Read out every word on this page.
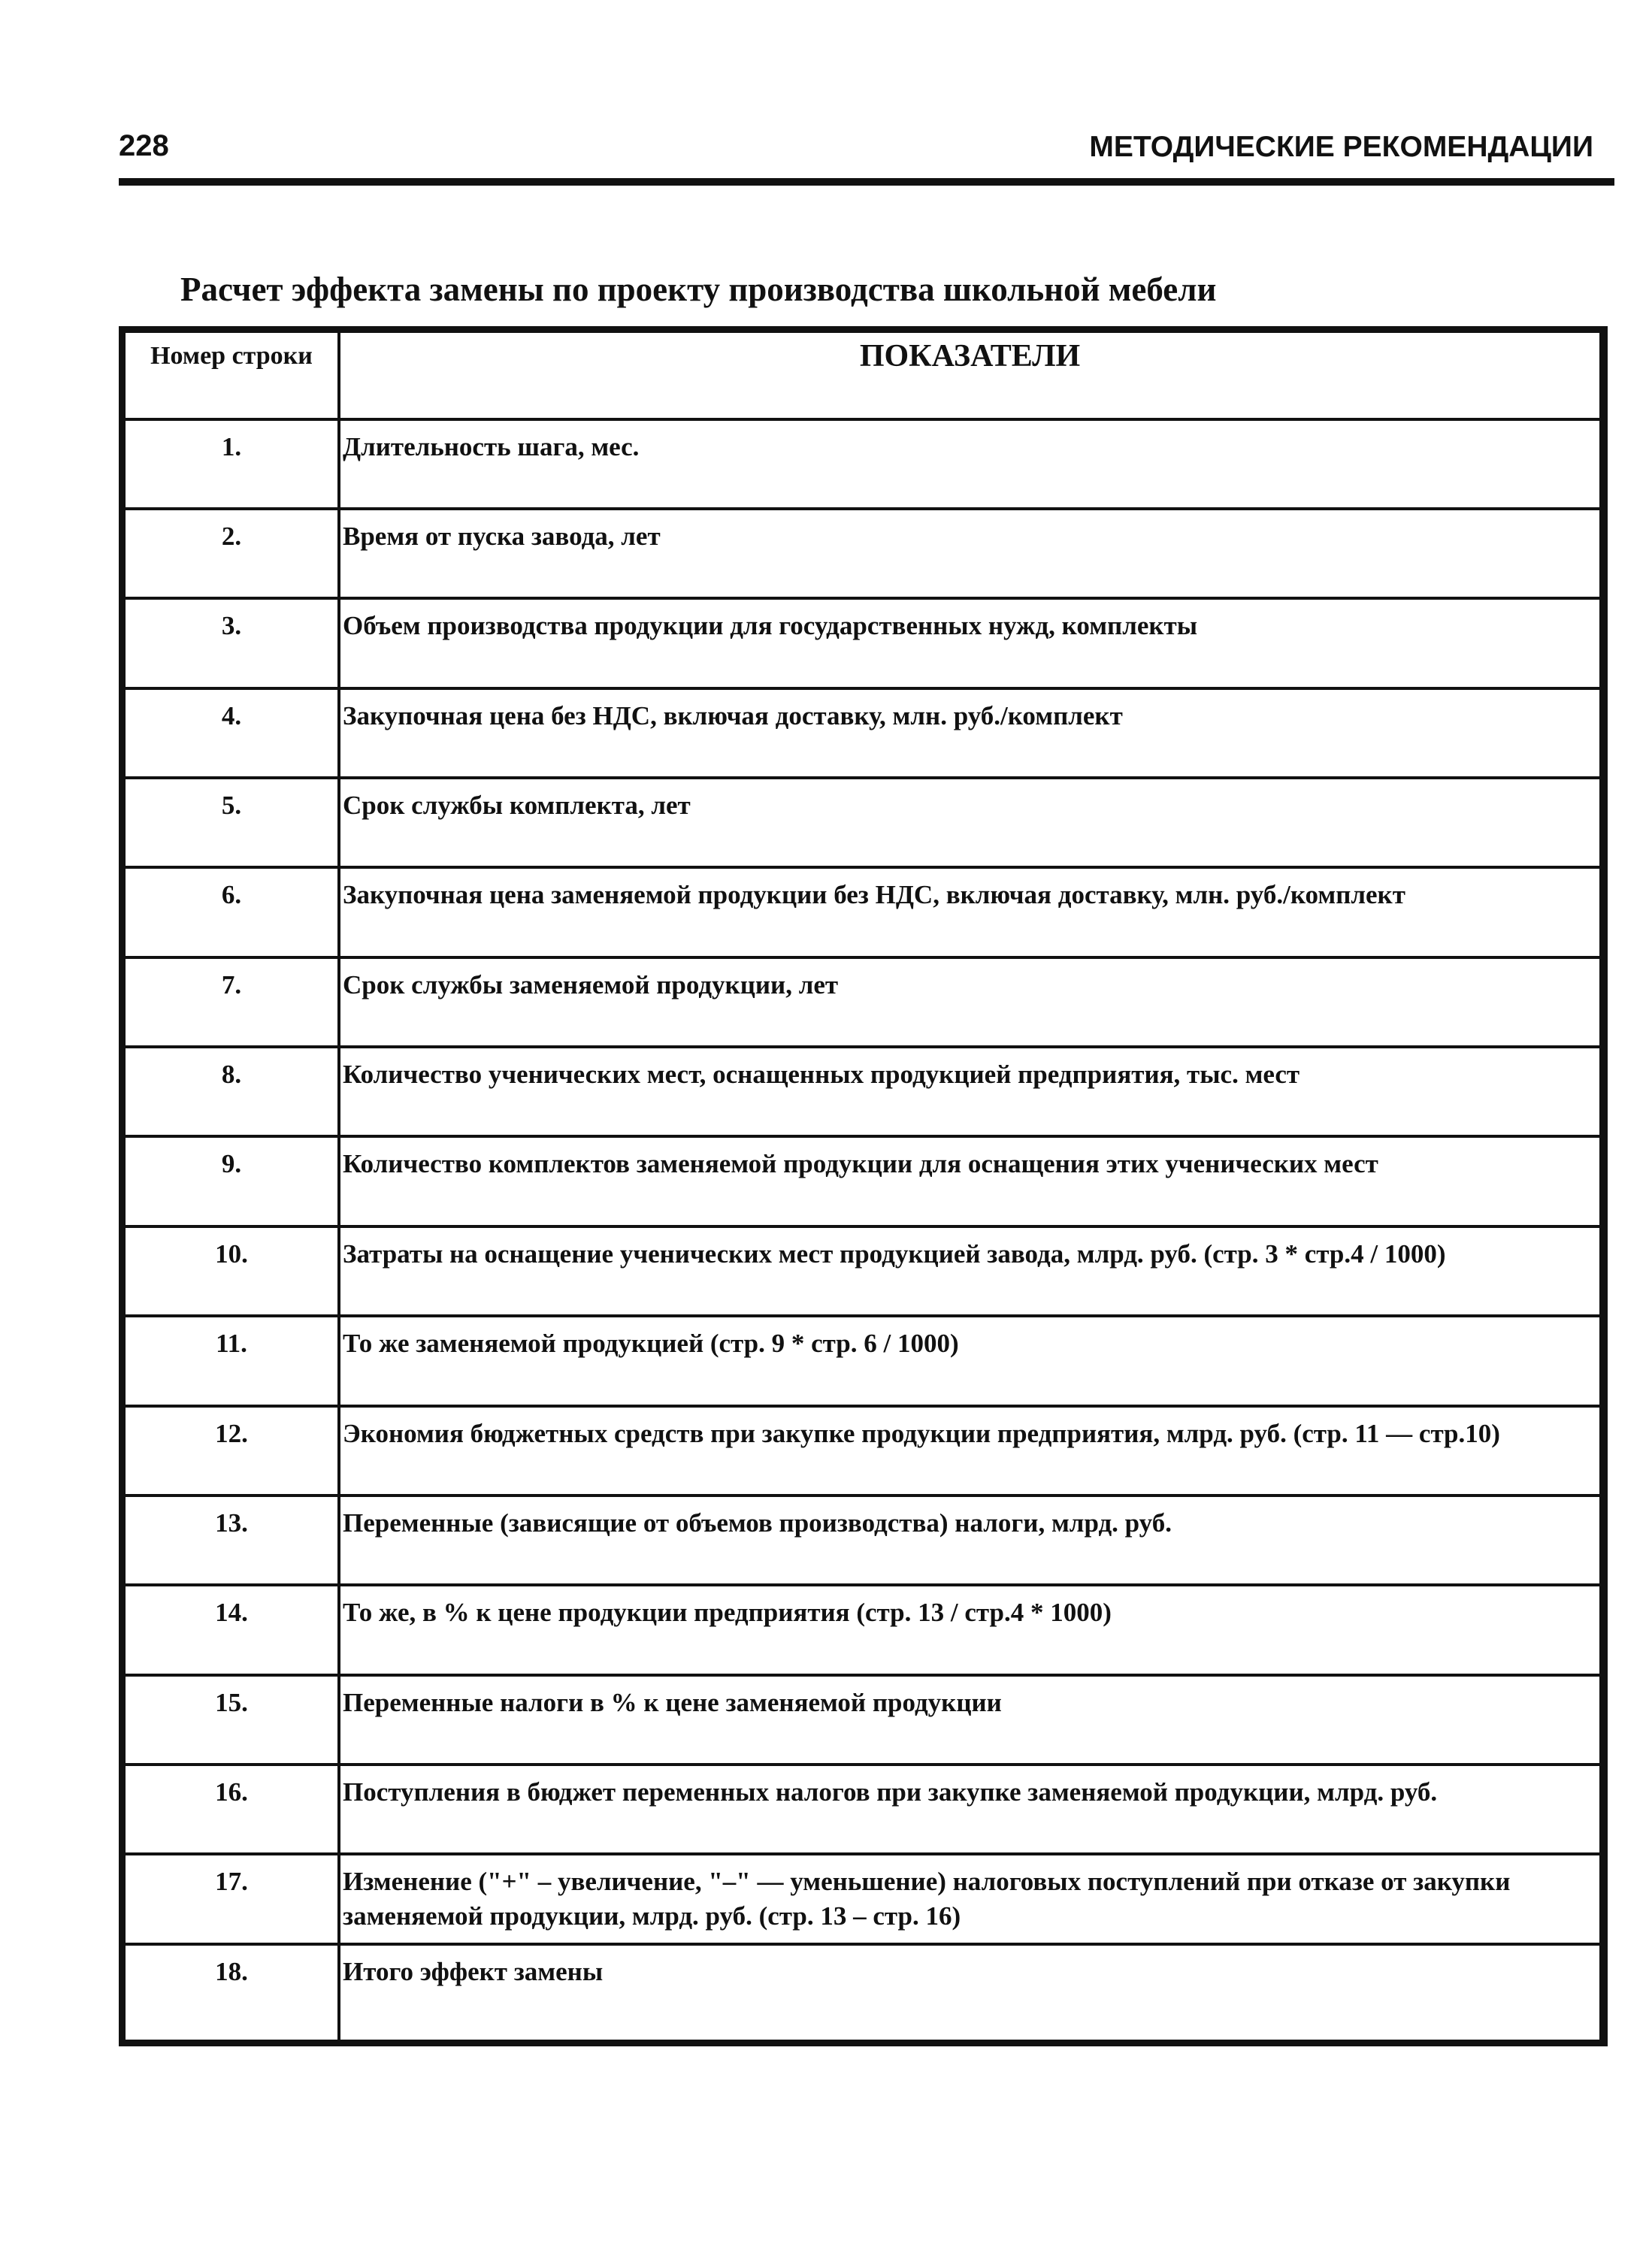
228	МЕТОДИЧЕСКИЕ РЕКОМЕНДАЦИИ
Расчет эффекта замены по проекту производства школьной мебели
Номер строки	ПОКАЗАТЕЛИ
1.	Длительность шага, мес.
2.	Время от пуска завода, лет
3.	Объем производства продукции для государственных нужд, комплекты
4.	Закупочная цена без НДС, включая доставку, млн. руб./комплект
5.	Срок службы комплекта, лет
6.	Закупочная цена заменяемой продукции без НДС, включая доставку, млн. руб./комплект
7.	Срок службы заменяемой продукции, лет
8.	Количество ученических мест, оснащенных продукцией предприятия, тыс. мест
9.	Количество комплектов заменяемой продукции для оснащения этих ученических мест
10.	Затраты на оснащение ученических мест продукцией завода, млрд. руб. (стр. 3 * стр.4 / 1000)
11.	То же заменяемой продукцией (стр. 9 * стр. 6 / 1000)
12.	Экономия бюджетных средств при закупке продукции предприятия, млрд. руб. (стр. 11 — стр.10)
13.	Переменные (зависящие от объемов производства) налоги, млрд. руб.
14.	То же, в % к цене продукции предприятия (стр. 13 / стр.4 * 1000)
15.	Переменные налоги в % к цене заменяемой продукции
16.	Поступления в бюджет переменных налогов при закупке заменяемой продукции, млрд. руб.
17.	Изменение ("+" – увеличение, "–" — уменьшение) налоговых поступлений при отказе от закупки заменяемой продукции, млрд. руб. (стр. 13 – стр. 16)
18.	Итого эффект замены
